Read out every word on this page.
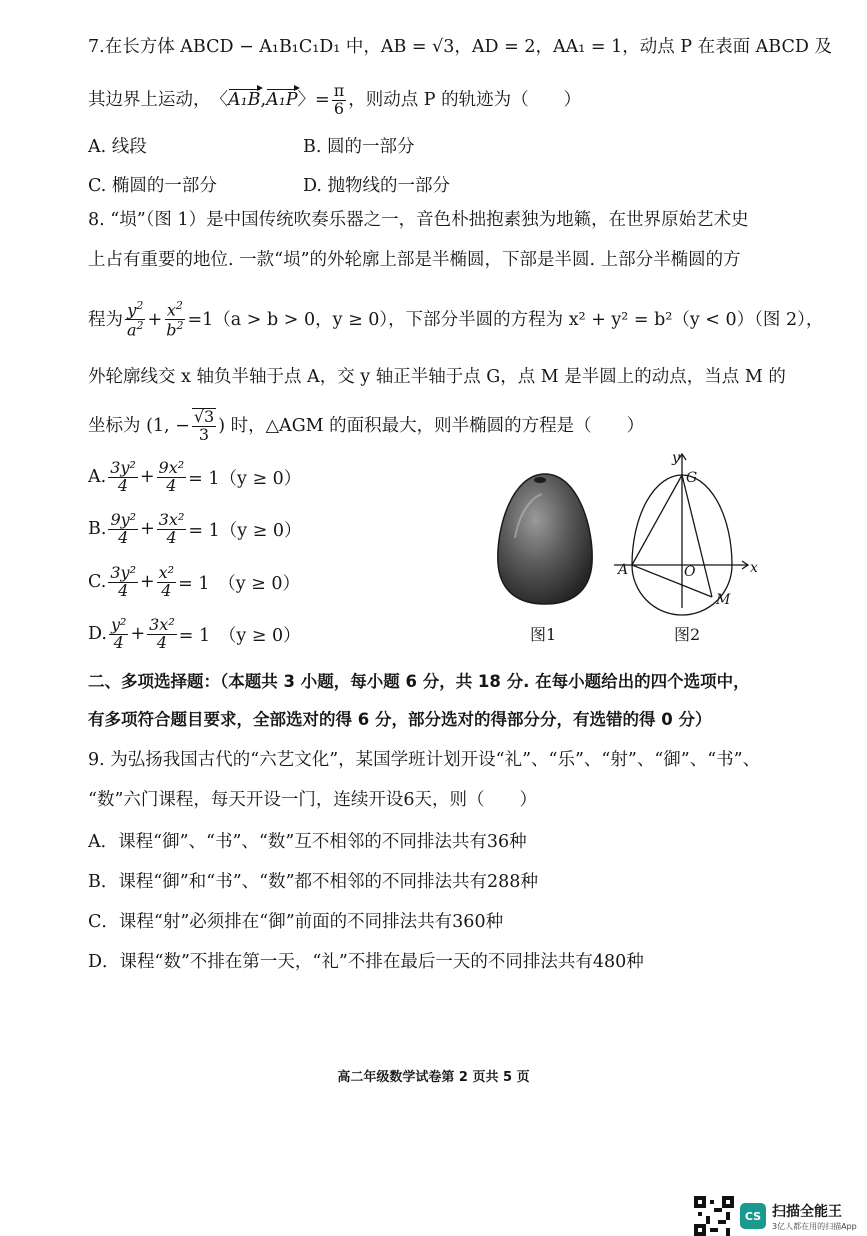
7.在长方体 ABCD − A₁B₁C₁D₁ 中，AB = √3，AD = 2，AA₁ = 1，动点 P 在表面 ABCD 及
其边界上运动， 〈A₁B,A₁P〉= $\frac{\pi}{6}$ ，则动点 P 的轨迹为（　　）
A. 线段	B. 圆的一部分
C. 椭圆的一部分	D. 抛物线的一部分
8. “埙”（图 1）是中国传统吹奏乐器之一，音色朴拙抱素独为地籁，在世界原始艺术史
上占有重要的地位. 一款“埙”的外轮廓上部是半椭圆，下部是半圆. 上部分半椭圆的方
程为 $\frac{y^2}{a^2} + \frac{x^2}{b^2} =1$ （a > b > 0，y ≥ 0），下部分半圆的方程为 x² + y² = b²（y < 0）（图 2），
外轮廓线交 x 轴负半轴于点 A，交 y 轴正半轴于点 G，点 M 是半圆上的动点，当点 M 的
坐标为 (1, − $\frac{√3}{3}$ ) 时，△AGM 的面积最大，则半椭圆的方程是（　　）
A. $\frac{\text{3y²}}{4} + \frac{\text{9x²}}{4} = 1(y \ge 0)$
B. $\frac{\text{9y²}}{4} + \frac{\text{3x²}}{4} = 1(y \ge 0)$
C. $\frac{\text{3y²}}{4} + \frac{\text{x²}}{4} = 1$　（y ≥ 0）
D. $\frac{\text{y²}}{4} + \frac{\text{3x²}}{4} = 1$　（y ≥ 0）	图1
y
x
G
A	O
M
图2
二、多项选择题：（本题共 3 小题，每小题 6 分，共 18 分. 在每小题给出的四个选项中，
有多项符合题目要求，全部选对的得 6 分，部分选对的得部分分，有选错的得 0 分）
9. 为弘扬我国古代的“六艺文化”，某国学班计划开设“礼”、“乐”、“射”、“御”、“书”、
“数”六门课程，每天开设一门，连续开设6天，则（　　）
A．课程“御”、“书”、“数”互不相邻的不同排法共有36种
B．课程“御”和“书”、“数”都不相邻的不同排法共有288种
C．课程“射”必须排在“御”前面的不同排法共有360种
D．课程“数”不排在第一天，“礼”不排在最后一天的不同排法共有480种
高二年级数学试卷第 2 页共 5 页
CS 扫描全能王
3亿人都在用的扫描App
